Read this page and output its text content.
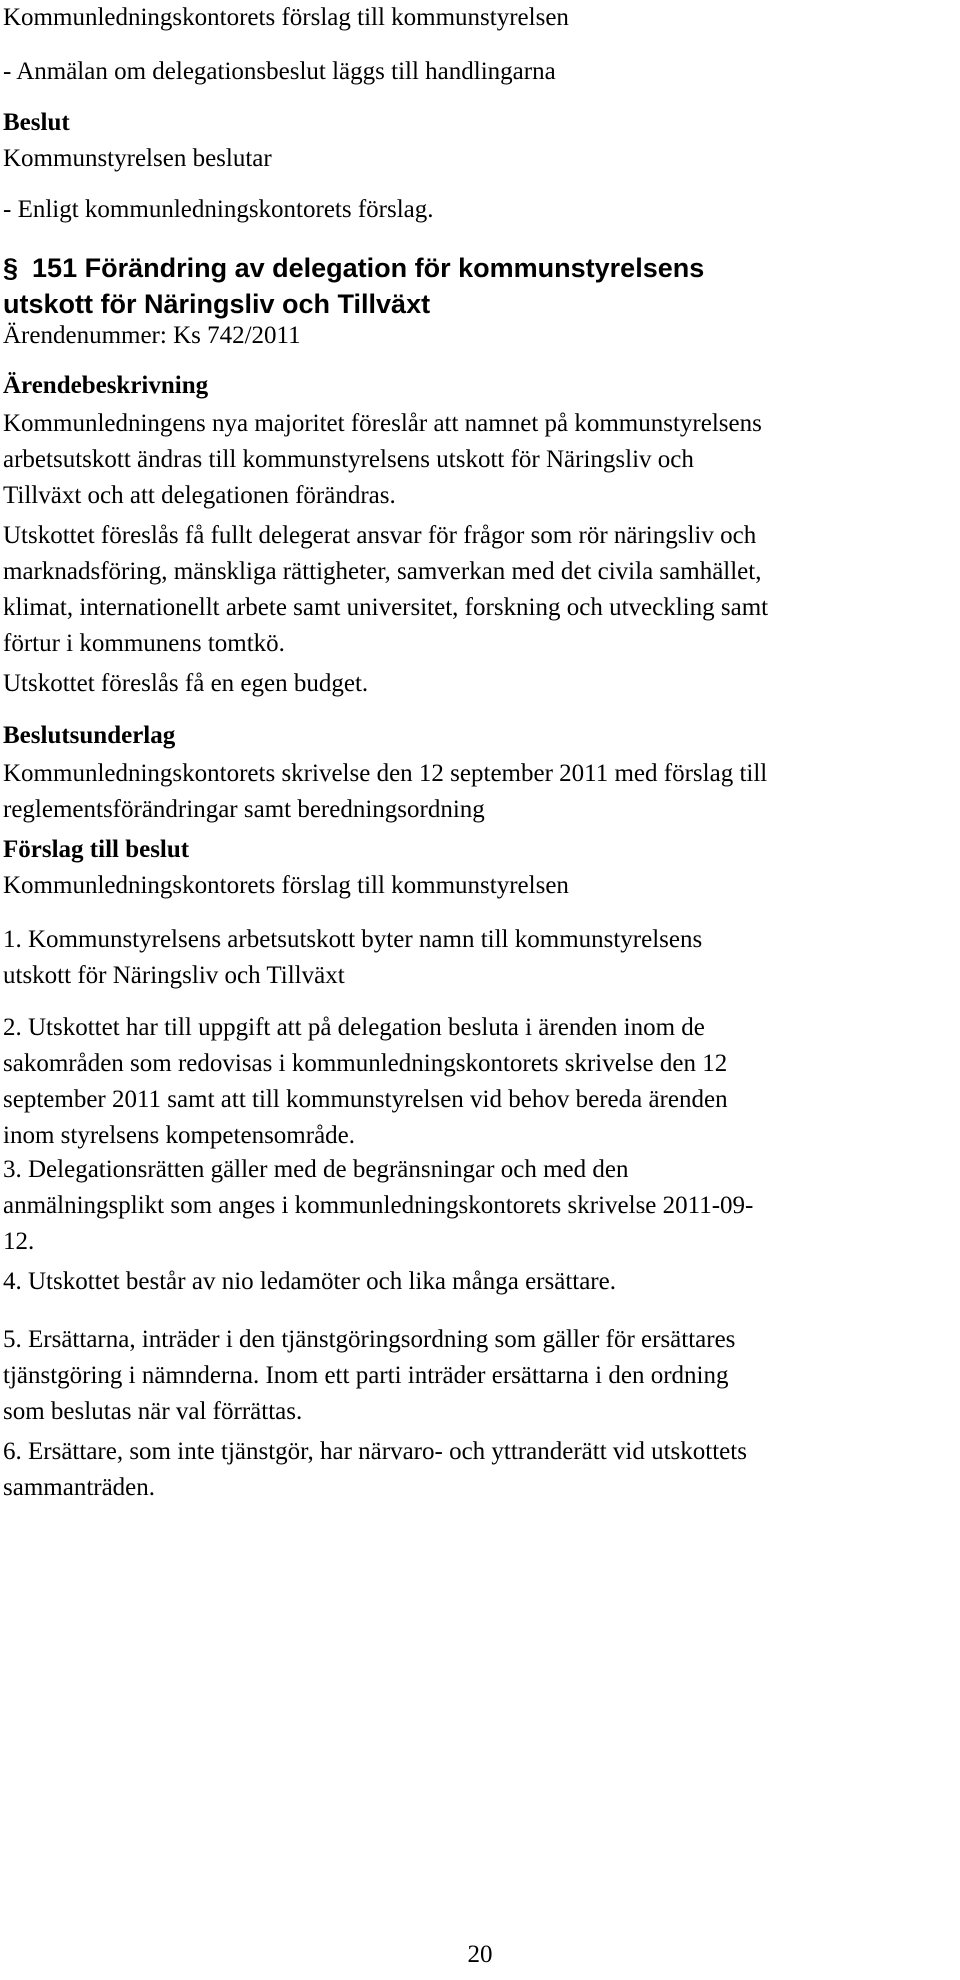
Kommunledningskontorets förslag till kommunstyrelsen

- Anmälan om delegationsbeslut läggs till handlingarna

Beslut

Kommunstyrelsen beslutar

- Enligt kommunledningskontorets förslag.

§ 151 Förändring av delegation för kommunstyrelsens
utskott för Näringsliv och Tillväxt

Ärendenummer: Ks 742/2011

Ärendebeskrivning

Kommunledningens nya majoritet föreslår att namnet på kommunstyrelsens
arbetsutskott ändras till kommunstyrelsens utskott för Näringsliv och
Tillväxt och att delegationen förändras.
Utskottet föreslås få fullt delegerat ansvar för frågor som rör näringsliv och
marknadsföring, mänskliga rättigheter, samverkan med det civila samhället,
klimat, internationellt arbete samt universitet, forskning och utveckling samt
förtur i kommunens tomtkö.

Utskottet föreslås få en egen budget.

Beslutsunderlag

Kommunledningskontorets skrivelse den 12 september 2011 med förslag till
reglementsförändringar samt beredningsordning

Förslag till beslut

Kommunledningskontorets förslag till kommunstyrelsen

1. Kommunstyrelsens arbetsutskott byter namn till kommunstyrelsens
utskott för Näringsliv och Tillväxt
2. Utskottet har till uppgift att på delegation besluta i ärenden inom de
sakområden som redovisas i kommunledningskontorets skrivelse den 12
september 2011 samt att till kommunstyrelsen vid behov bereda ärenden
inom styrelsens kompetensområde.
3. Delegationsrätten gäller med de begränsningar och med den
anmälningsplikt som anges i kommunledningskontorets skrivelse 2011-09-
12.
4. Utskottet består av nio ledamöter och lika många ersättare.
5. Ersättarna, inträder i den tjänstgöringsordning som gäller för ersättares
tjänstgöring i nämnderna. Inom ett parti inträder ersättarna i den ordning
som beslutas när val förrättas.
6. Ersättare, som inte tjänstgör, har närvaro- och yttranderätt vid utskottets
sammanträden.
20
